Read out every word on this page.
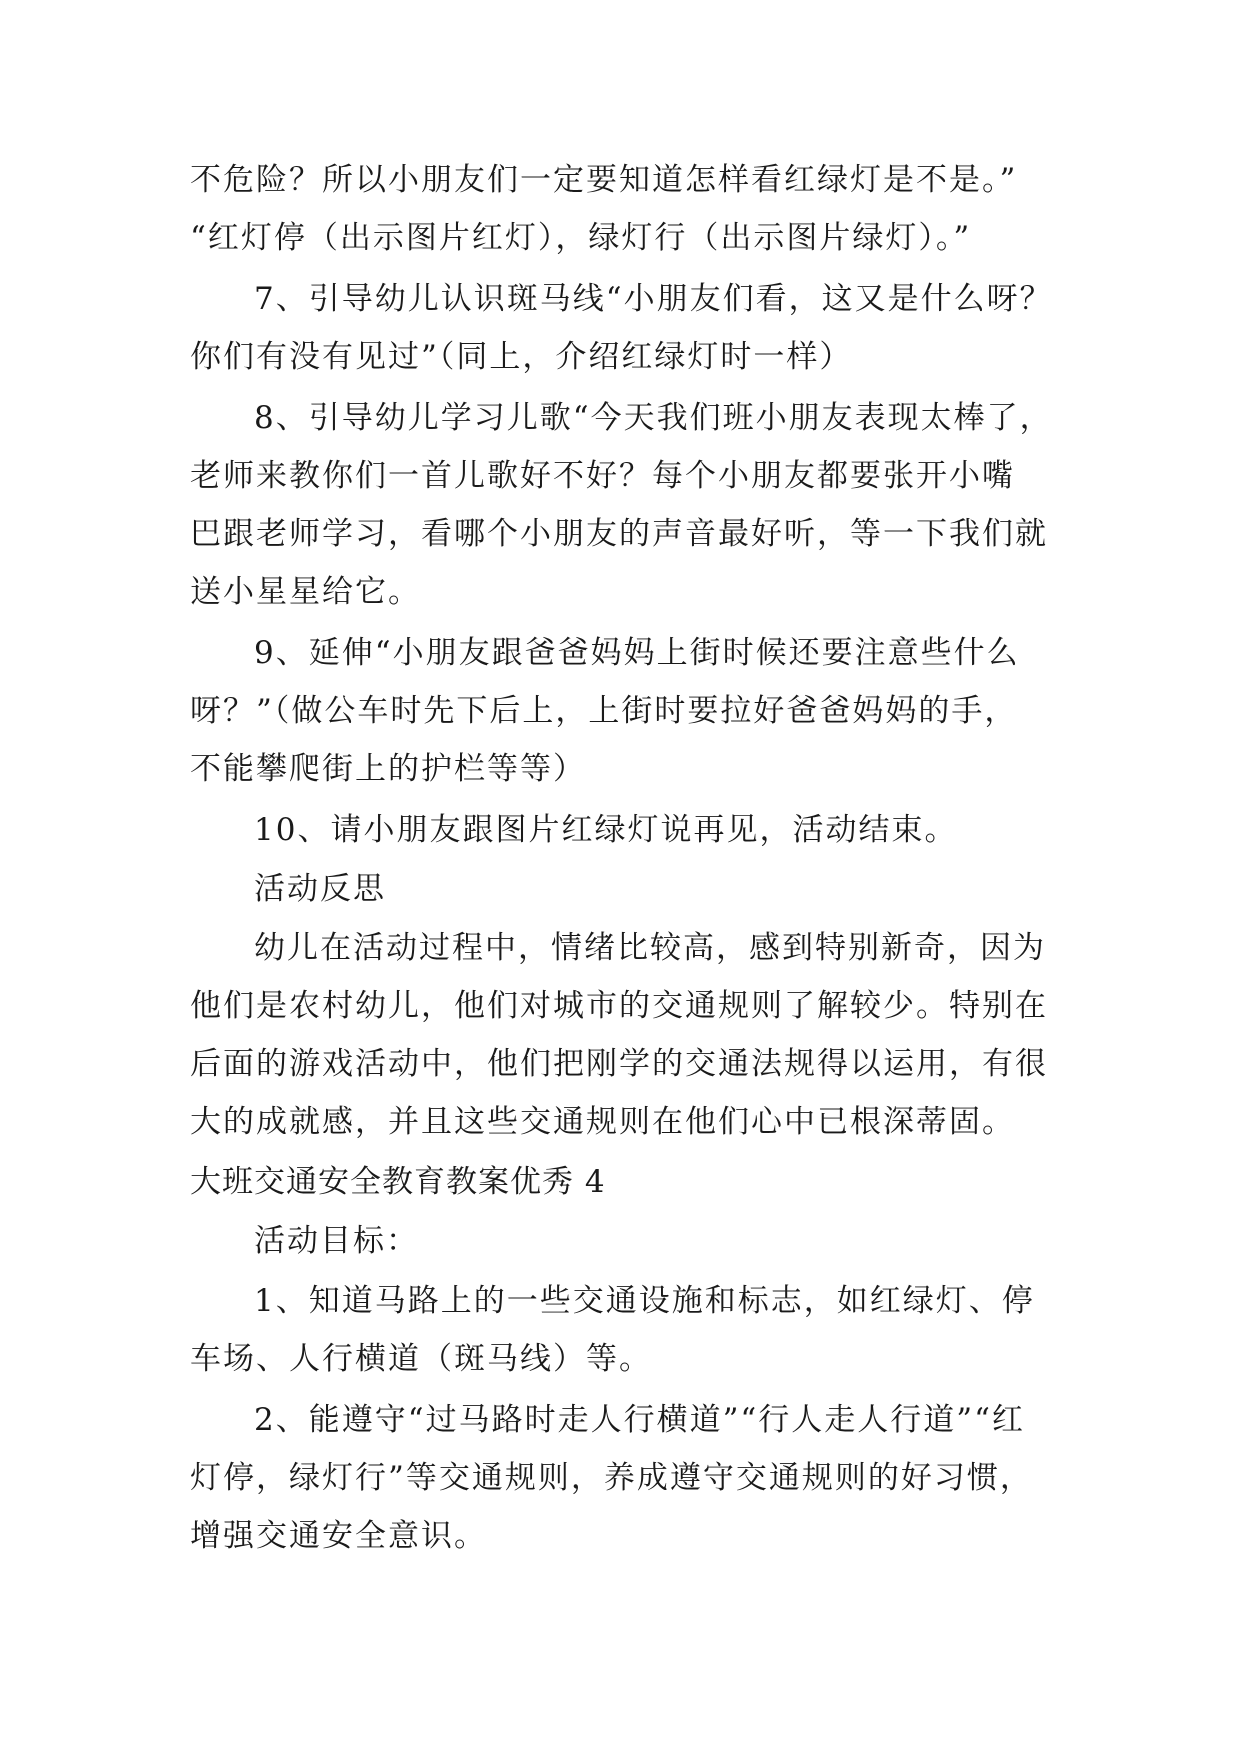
不危险？所以小朋友们一定要知道怎样看红绿灯是不是。”
“红灯停（出示图片红灯），绿灯行（出示图片绿灯）。”
7、引导幼儿认识斑马线“小朋友们看，这又是什么呀？
你们有没有见过”（同上，介绍红绿灯时一样）
8、引导幼儿学习儿歌“今天我们班小朋友表现太棒了，
老师来教你们一首儿歌好不好？每个小朋友都要张开小嘴
巴跟老师学习，看哪个小朋友的声音最好听，等一下我们就
送小星星给它。
9、延伸“小朋友跟爸爸妈妈上街时候还要注意些什么
呀？”（做公车时先下后上，上街时要拉好爸爸妈妈的手，
不能攀爬街上的护栏等等）
10、请小朋友跟图片红绿灯说再见，活动结束。
活动反思
幼儿在活动过程中，情绪比较高，感到特别新奇，因为
他们是农村幼儿，他们对城市的交通规则了解较少。特别在
后面的游戏活动中，他们把刚学的交通法规得以运用，有很
大的成就感，并且这些交通规则在他们心中已根深蒂固。
大班交通安全教育教案优秀 4
活动目标：
1、知道马路上的一些交通设施和标志，如红绿灯、停
车场、人行横道（斑马线）等。
2、能遵守“过马路时走人行横道”“行人走人行道”“红
灯停，绿灯行”等交通规则，养成遵守交通规则的好习惯，
增强交通安全意识。
